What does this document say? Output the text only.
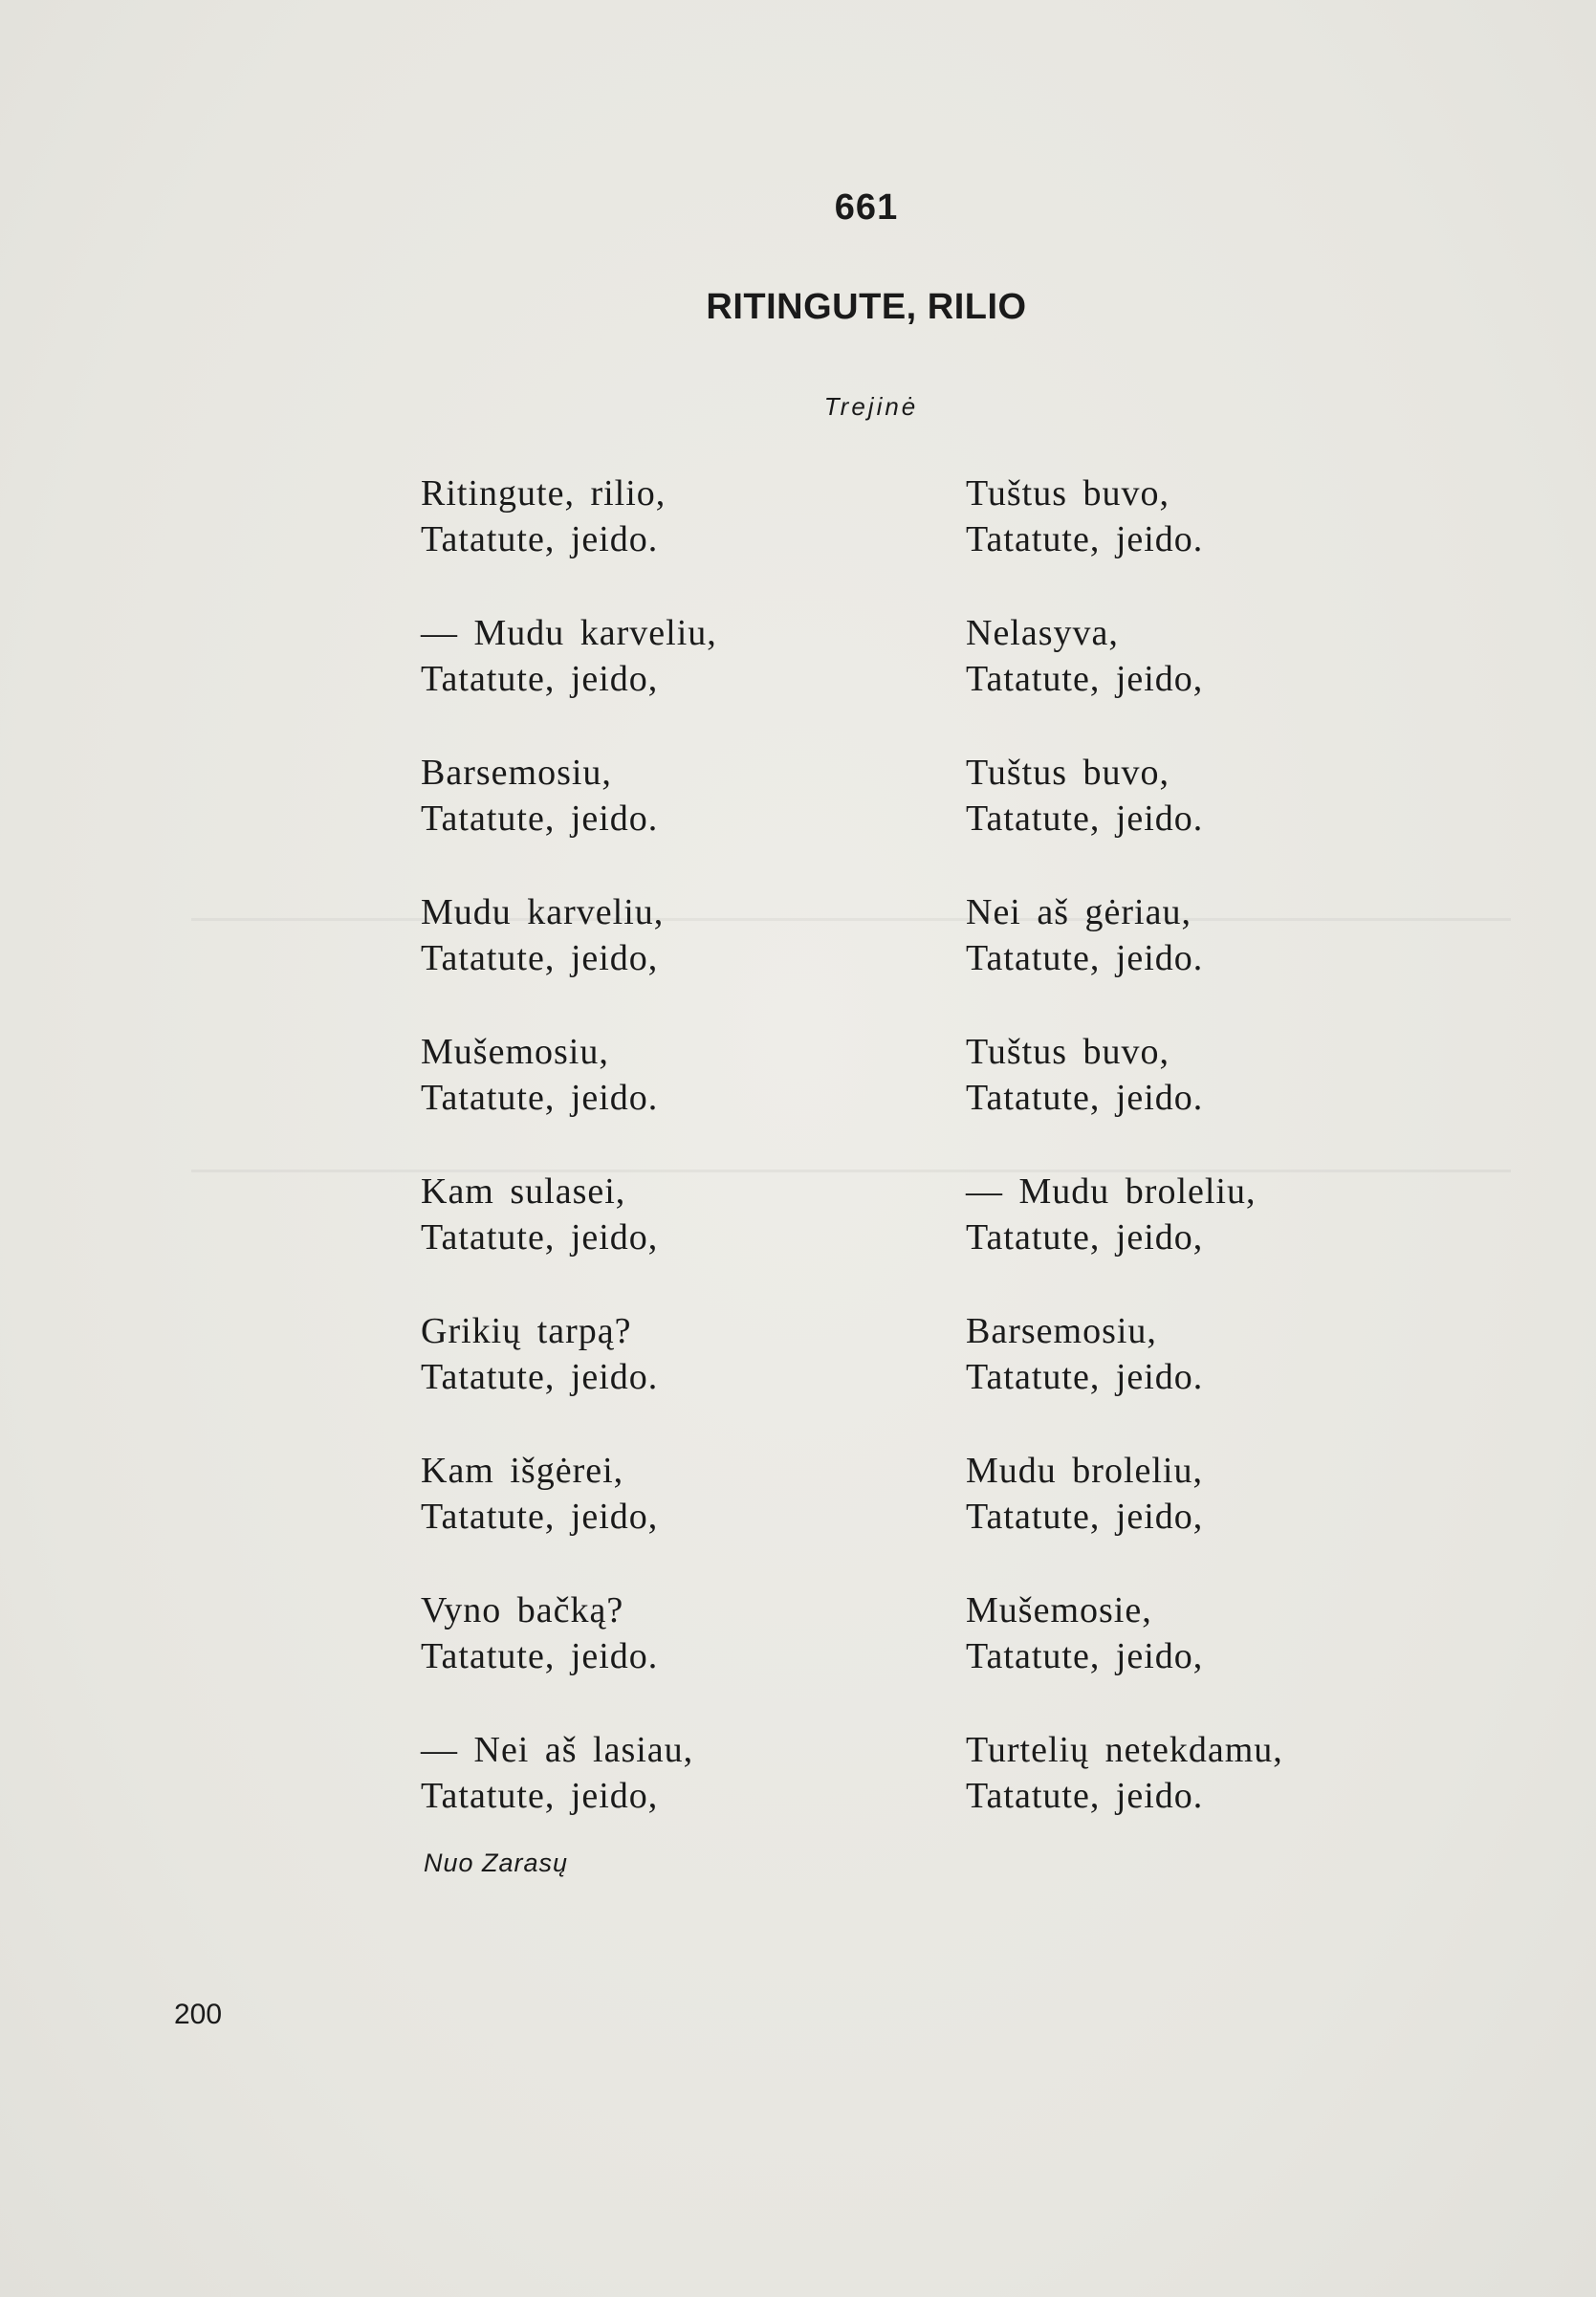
661
RITINGUTE, RILIO
Trejinė
Ritingute, rilio,
Tatatute, jeido.
— Mudu karveliu,
Tatatute, jeido,
Barsemosiu,
Tatatute, jeido.
Mudu karveliu,
Tatatute, jeido,
Mušemosiu,
Tatatute, jeido.
Kam sulasei,
Tatatute, jeido,
Grikių tarpą?
Tatatute, jeido.
Kam išgėrei,
Tatatute, jeido,
Vyno bačką?
Tatatute, jeido.
— Nei aš lasiau,
Tatatute, jeido,
Tuštus buvo,
Tatatute, jeido.
Nelasyva,
Tatatute, jeido,
Tuštus buvo,
Tatatute, jeido.
Nei aš gėriau,
Tatatute, jeido.
Tuštus buvo,
Tatatute, jeido.
— Mudu broleliu,
Tatatute, jeido,
Barsemosiu,
Tatatute, jeido.
Mudu broleliu,
Tatatute, jeido,
Mušemosie,
Tatatute, jeido,
Turtelių netekdamu,
Tatatute, jeido.
Nuo Zarasų
200
